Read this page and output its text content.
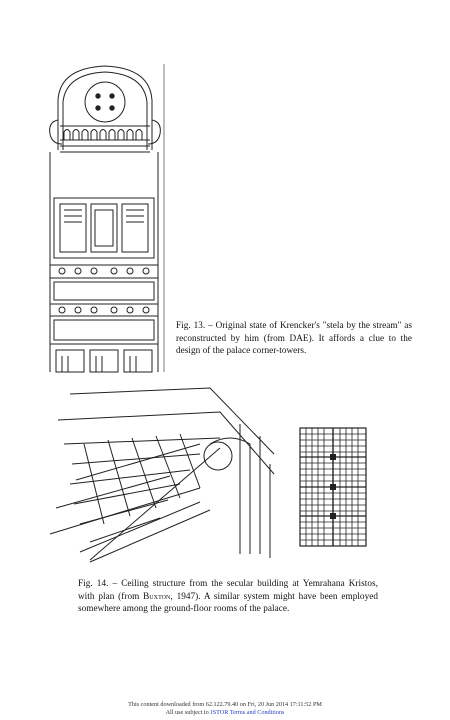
Fig. 13. – Original state of Krencker's "stela by the stream" as reconstructed by him (from DAE). It affords a clue to the design of the palace corner-towers.

Fig. 14. – Ceiling structure from the secular building at Yemrahana Kristos, with plan (from Buxton, 1947). A similar system might have been employed somewhere among the ground-floor rooms of the palace.

This content downloaded from 62.122.79.40 on Fri, 20 Jun 2014 17:11:52 PM
All use subject to JSTOR Terms and Conditions
